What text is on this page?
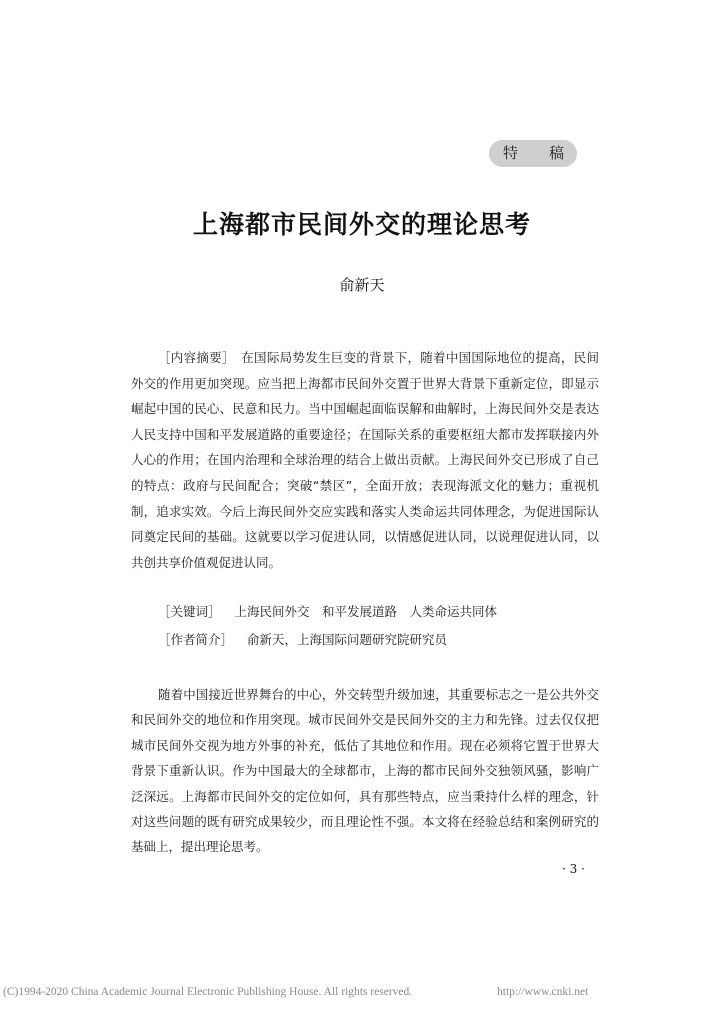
特 稿
上海都市民间外交的理论思考
俞新天
［内容摘要］　 在国际局势发生巨变的背景下，随着中国国际地位的提高，民间外交的作用更加突现。应当把上海都市民间外交置于世界大背景下重新定位，即显示崛起中国的民心、民意和民力。当中国崛起面临误解和曲解时，上海民间外交是表达人民支持中国和平发展道路的重要途径；在国际关系的重要枢纽大都市发挥联接内外人心的作用；在国内治理和全球治理的结合上做出贡献。上海民间外交已形成了自己的特点：政府与民间配合；突破“禁区”，全面开放；表现海派文化的魅力；重视机制，追求实效。今后上海民间外交应实践和落实人类命运共同体理念，为促进国际认同奠定民间的基础。这就要以学习促进认同，以情感促进认同，以说理促进认同，以共创共享价值观促进认同。
［关键词］ 上海民间外交　和平发展道路　人类命运共同体
［作者简介］ 俞新天，上海国际问题研究院研究员
随着中国接近世界舞台的中心，外交转型升级加速，其重要标志之一是公共外交和民间外交的地位和作用突现。城市民间外交是民间外交的主力和先锋。过去仅仅把城市民间外交视为地方外事的补充，低估了其地位和作用。现在必须将它置于世界大背景下重新认识。作为中国最大的全球都市，上海的都市民间外交独领风骚，影响广泛深远。上海都市民间外交的定位如何，具有那些特点，应当秉持什么样的理念，针对这些问题的既有研究成果较少，而且理论性不强。本文将在经验总结和案例研究的基础上，提出理论思考。
· 3 ·
(C)1994-2020 China Academic Journal Electronic Publishing House. All rights reserved.	http://www.cnki.net
